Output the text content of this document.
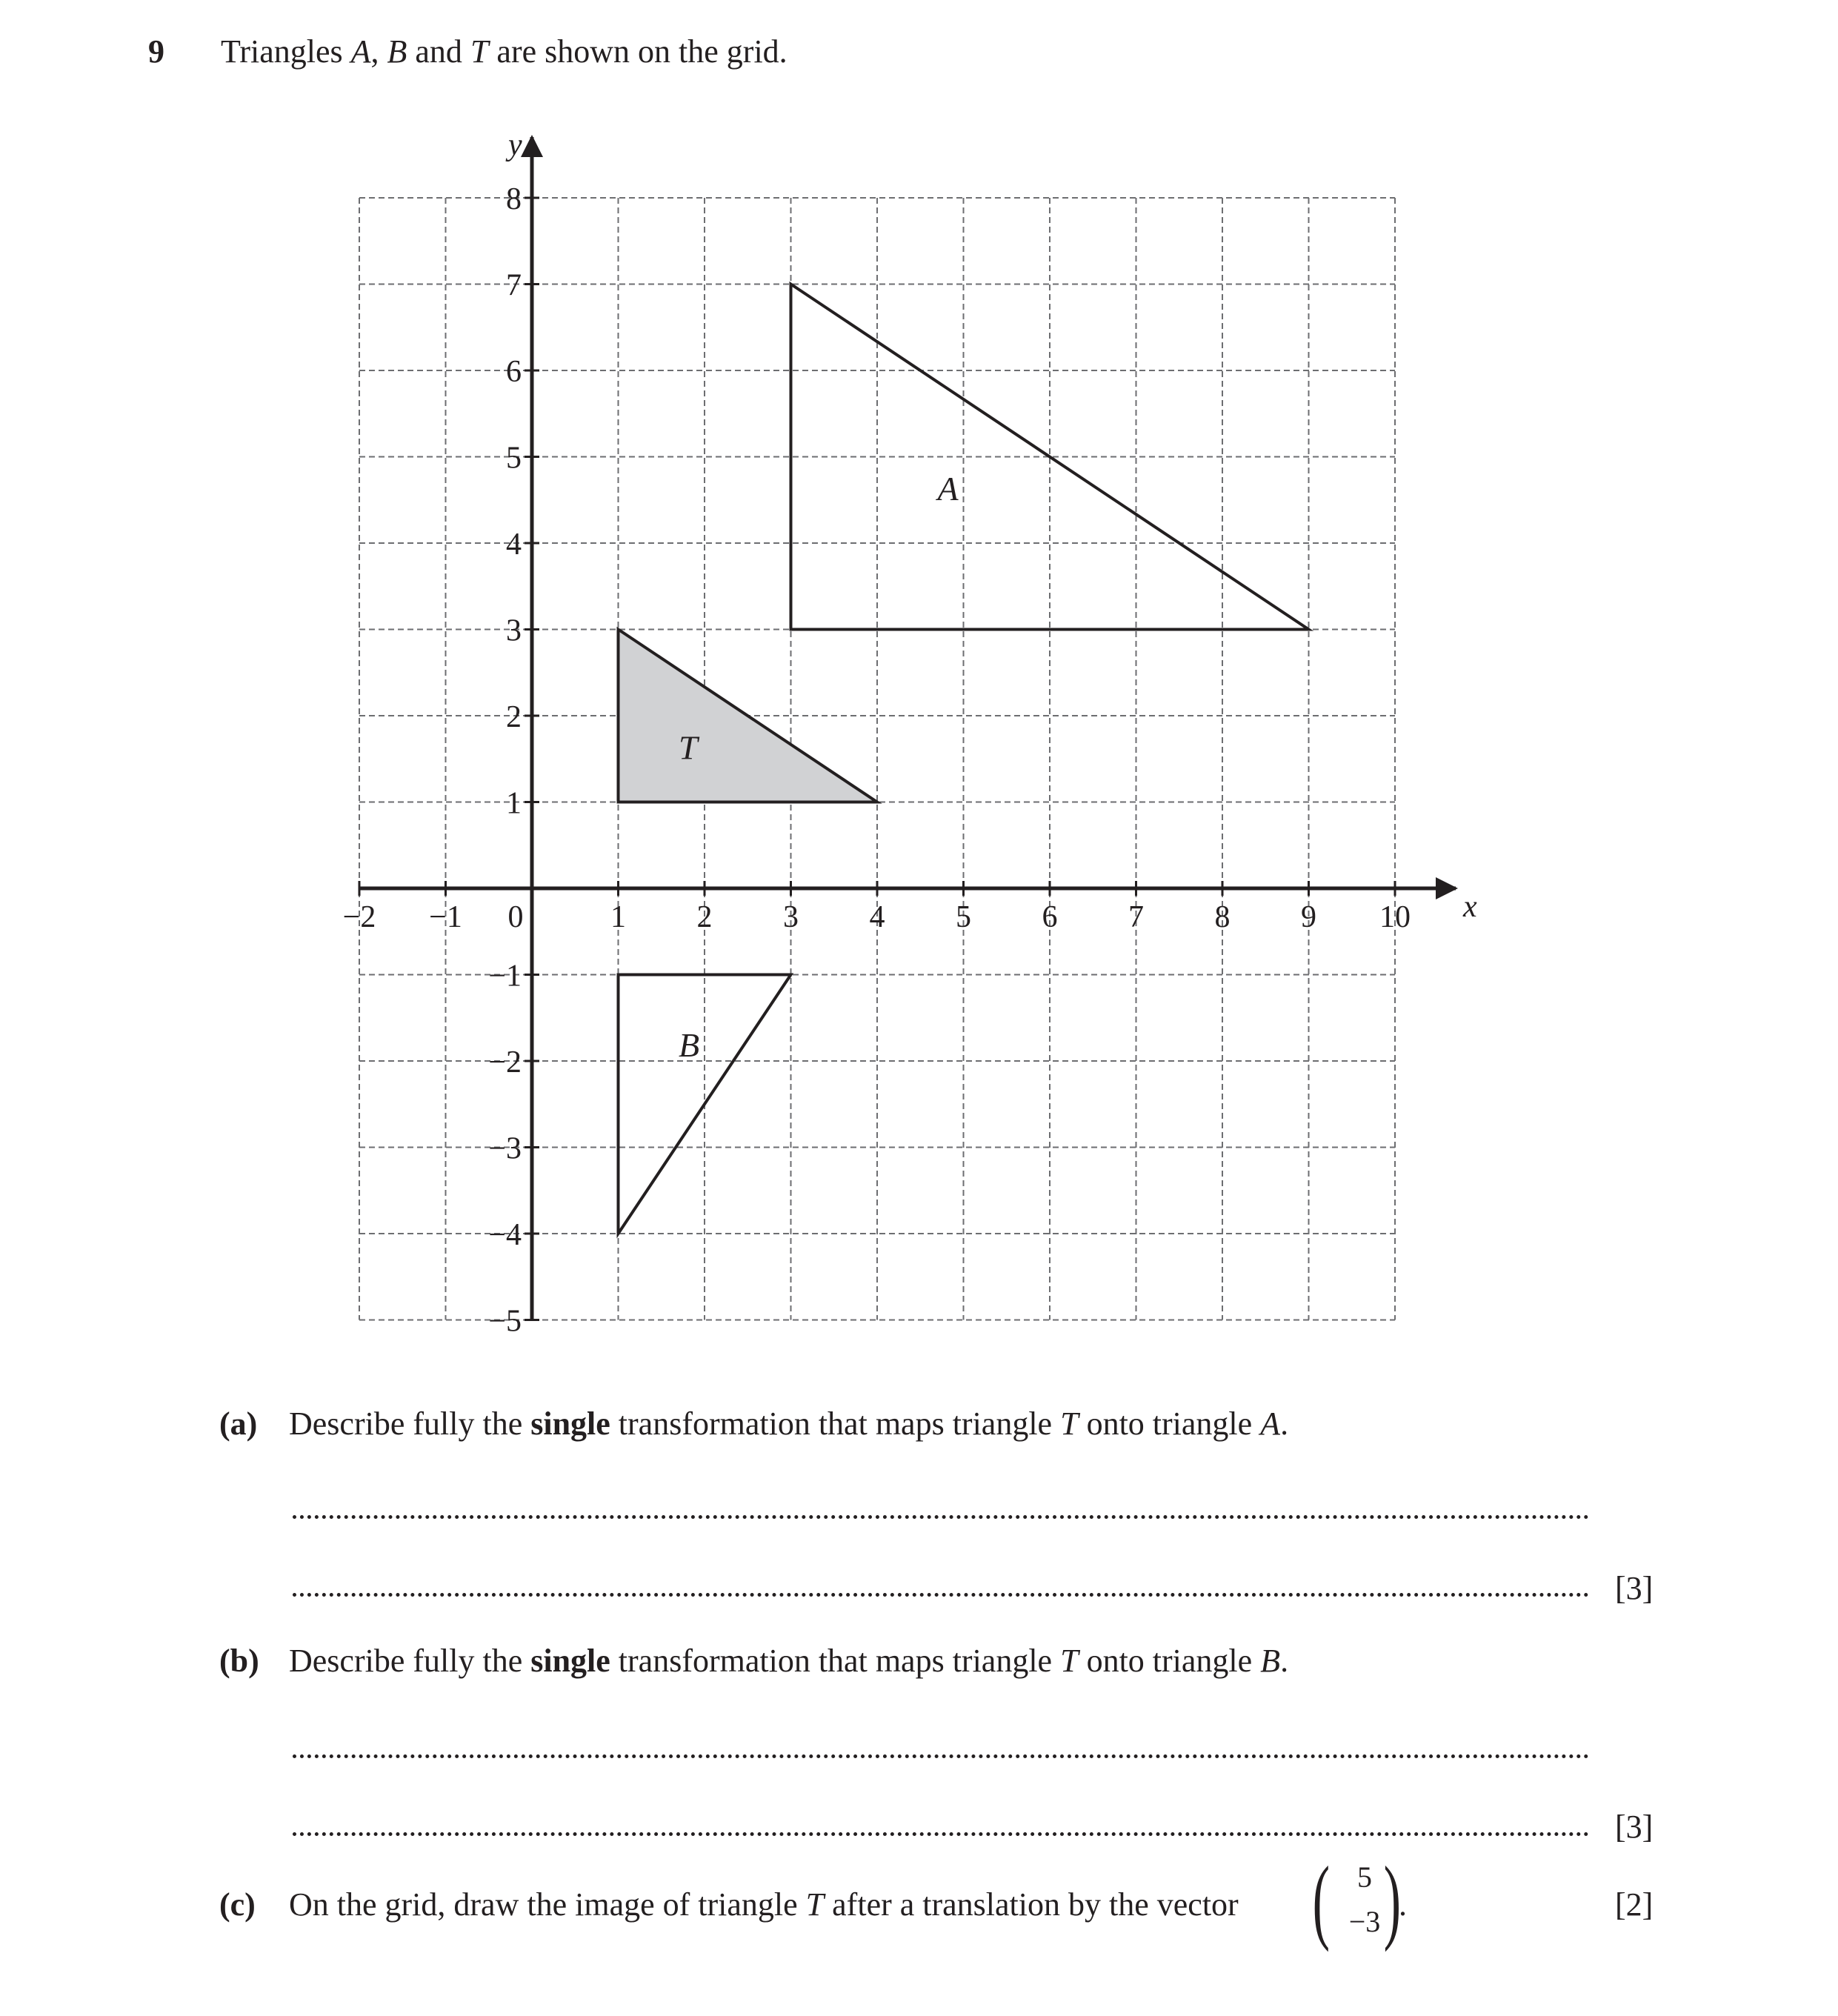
9 Triangles A, B and T are shown on the grid.
A
T
B
−2 −1 0	1 2 3 4 5 6 7 8 9 10
8
7
6
5
4
3
2
1
−1
−2
−3
−4
−5
x
y
(a) Describe fully the single transformation that maps triangle T onto triangle A.
[3]
(b) Describe fully the single transformation that maps triangle T onto triangle B.
[3]
(c) On the grid, draw the image of triangle T after a translation by the vector ( 5
−3 )
.	[2]
